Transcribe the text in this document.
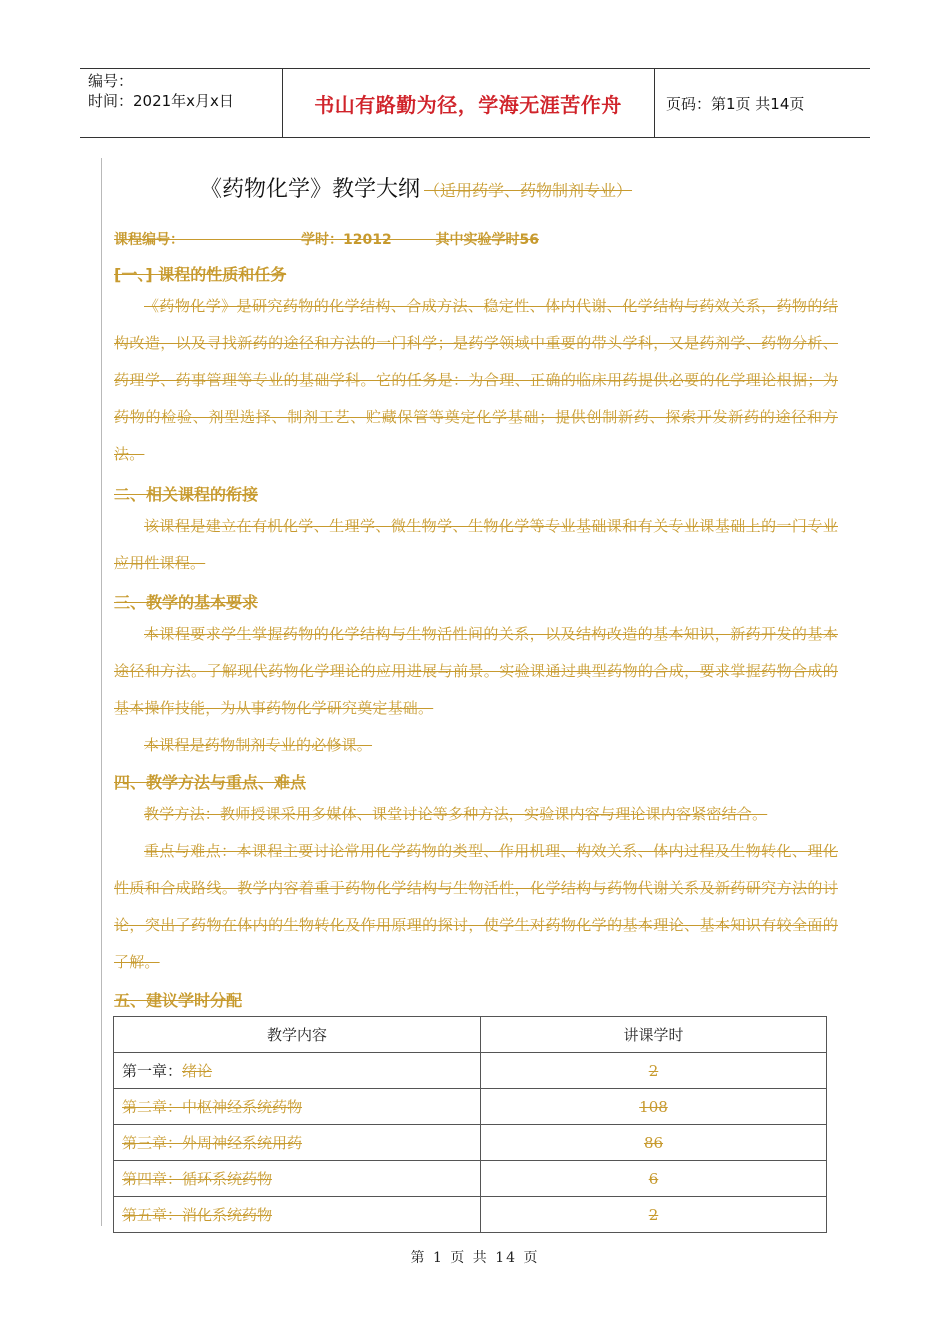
编号：
时间：2021年x月x日	书山有路勤为径，学海无涯苦作舟	页码：第1页 共14页
《药物化学》教学大纲 （适用药学、药物制剂专业）
课程编号：                        学时：12012         其中实验学时56
[一、] 课程的性质和任务
《药物化学》是研究药物的化学结构、合成方法、稳定性、体内代谢、化学结构与药效关系，药物的结构改造，以及寻找新药的途径和方法的一门科学；是药学领域中重要的带头学科，又是药剂学、药物分析、药理学、药事管理等专业的基础学科。它的任务是：为合理、正确的临床用药提供必要的化学理论根据；为药物的检验、剂型选择、制剂工艺、贮藏保管等奠定化学基础；提供创制新药、探索开发新药的途径和方法。
二、相关课程的衔接
该课程是建立在有机化学、生理学、微生物学、生物化学等专业基础课和有关专业课基础上的一门专业应用性课程。
三、教学的基本要求
本课程要求学生掌握药物的化学结构与生物活性间的关系，以及结构改造的基本知识，新药开发的基本途径和方法。了解现代药物化学理论的应用进展与前景。实验课通过典型药物的合成，要求掌握药物合成的基本操作技能，为从事药物化学研究奠定基础。
本课程是药物制剂专业的必修课。
四、教学方法与重点、难点
教学方法：教师授课采用多媒体、课堂讨论等多种方法，实验课内容与理论课内容紧密结合。
重点与难点：本课程主要讨论常用化学药物的类型、作用机理、构效关系、体内过程及生物转化、理化性质和合成路线。教学内容着重于药物化学结构与生物活性，化学结构与药物代谢关系及新药研究方法的讨论，突出了药物在体内的生物转化及作用原理的探讨，使学生对药物化学的基本理论、基本知识有较全面的了解。
五、建议学时分配
教学内容	讲课学时
第一章：绪论	2
第二章：中枢神经系统药物	108
第三章：外周神经系统用药	86
第四章：循环系统药物	6
第五章：消化系统药物	2
第 1 页 共 14 页
